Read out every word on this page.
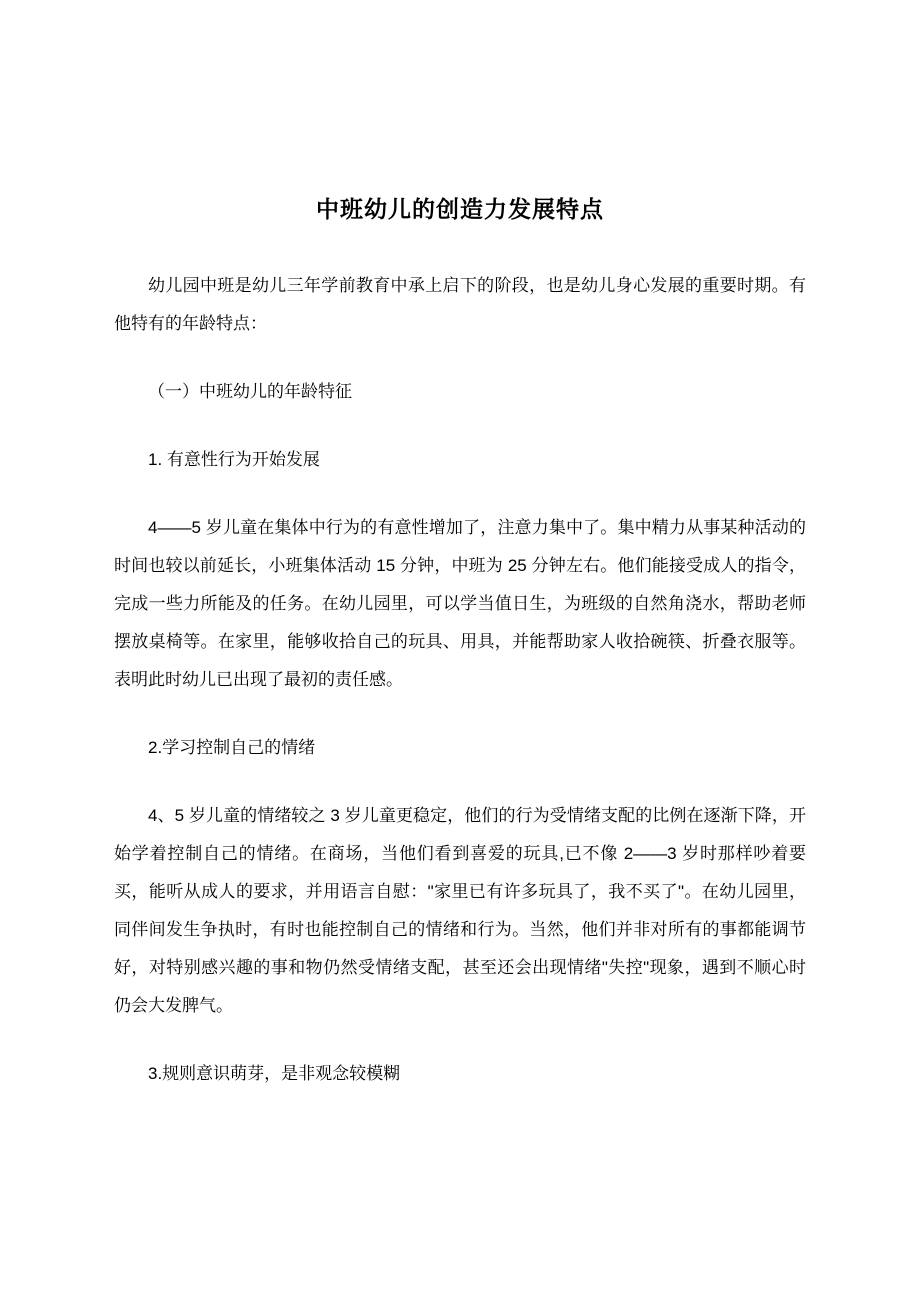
中班幼儿的创造力发展特点

幼儿园中班是幼儿三年学前教育中承上启下的阶段，也是幼儿身心发展的重要时期。有他特有的年龄特点：

（一）中班幼儿的年龄特征

1. 有意性行为开始发展

4——5 岁儿童在集体中行为的有意性增加了，注意力集中了。集中精力从事某种活动的时间也较以前延长，小班集体活动 15 分钟，中班为 25 分钟左右。他们能接受成人的指令，完成一些力所能及的任务。在幼儿园里，可以学当值日生，为班级的自然角浇水，帮助老师摆放桌椅等。在家里，能够收拾自己的玩具、用具，并能帮助家人收拾碗筷、折叠衣服等。表明此时幼儿已出现了最初的责任感。

2.学习控制自己的情绪

4、5 岁儿童的情绪较之 3 岁儿童更稳定，他们的行为受情绪支配的比例在逐渐下降，开始学着控制自己的情绪。在商场，当他们看到喜爱的玩具,已不像 2——3 岁时那样吵着要买，能听从成人的要求，并用语言自慰："家里已有许多玩具了，我不买了"。在幼儿园里，同伴间发生争执时，有时也能控制自己的情绪和行为。当然，他们并非对所有的事都能调节好，对特别感兴趣的事和物仍然受情绪支配，甚至还会出现情绪"失控"现象，遇到不顺心时仍会大发脾气。

3.规则意识萌芽，是非观念较模糊
